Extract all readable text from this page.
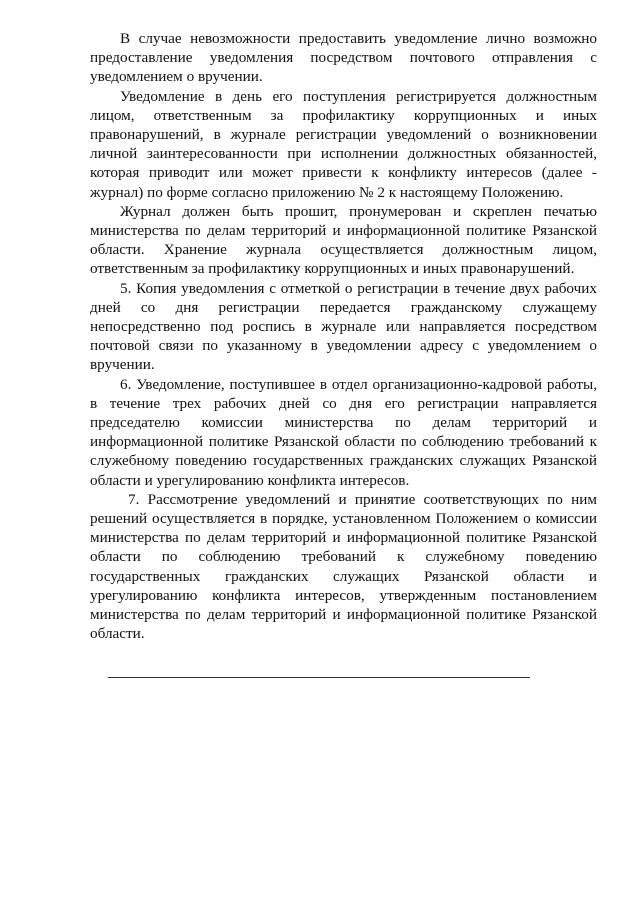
В случае невозможности предоставить уведомление лично возможно предоставление уведомления посредством почтового отправления с уведомлением о вручении.

Уведомление в день его поступления регистрируется должностным лицом, ответственным за профилактику коррупционных и иных правонарушений, в журнале регистрации уведомлений о возникновении личной заинтересованности при исполнении должностных обязанностей, которая приводит или может привести к конфликту интересов (далее - журнал) по форме согласно приложению № 2 к настоящему Положению.

Журнал должен быть прошит, пронумерован и скреплен печатью министерства по делам территорий и информационной политике Рязанской области. Хранение журнала осуществляется должностным лицом, ответственным за профилактику коррупционных и иных правонарушений.

5. Копия уведомления с отметкой о регистрации в течение двух рабочих дней со дня регистрации передается гражданскому служащему непосредственно под роспись в журнале или направляется посредством почтовой связи по указанному в уведомлении адресу с уведомлением о вручении.

6. Уведомление, поступившее в отдел организационно-кадровой работы, в течение трех рабочих дней со дня его регистрации направляется председателю комиссии министерства по делам территорий и информационной политике Рязанской области по соблюдению требований к служебному поведению государственных гражданских служащих Рязанской области и урегулированию конфликта интересов.

7. Рассмотрение уведомлений и принятие соответствующих по ним решений осуществляется в порядке, установленном Положением о комиссии министерства по делам территорий и информационной политике Рязанской области по соблюдению требований к служебному поведению государственных гражданских служащих Рязанской области и урегулированию конфликта интересов, утвержденным постановлением министерства по делам территорий и информационной политике Рязанской области.
